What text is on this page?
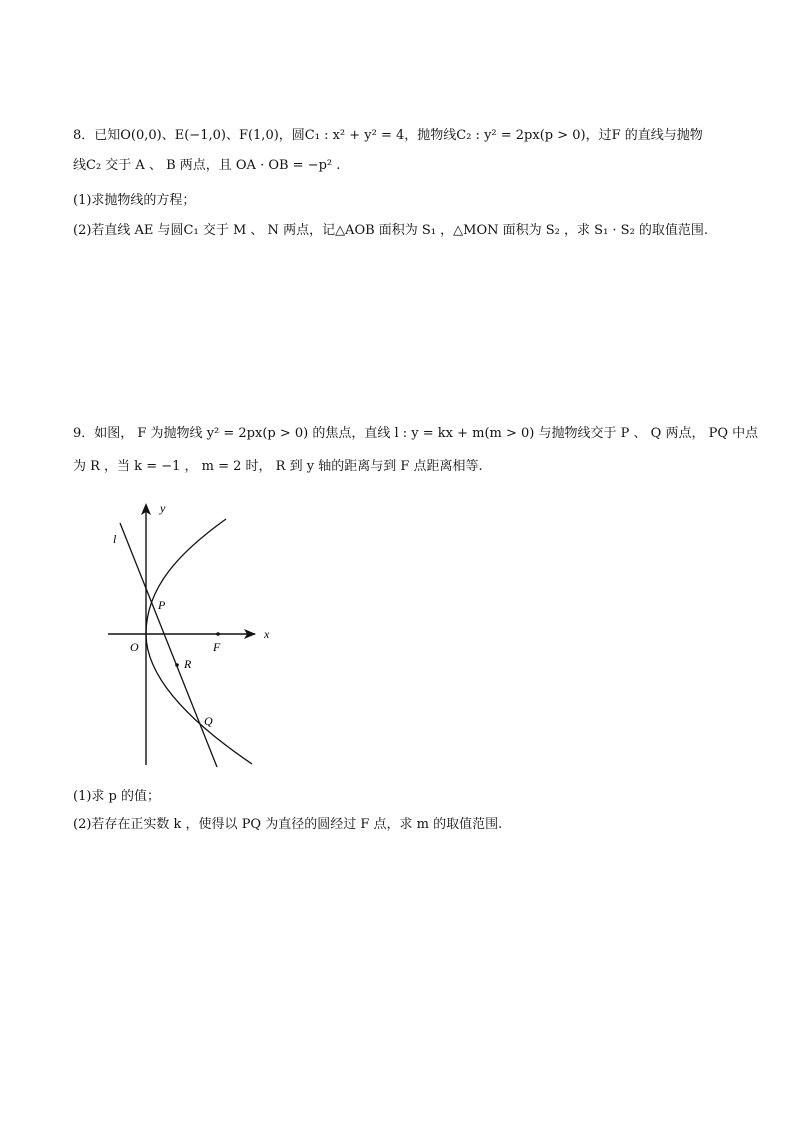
8．已知O(0,0)、E(−1,0)、F(1,0)，圆C₁ : x² + y² = 4，抛物线C₂ : y² = 2px(p > 0)，过F 的直线与抛物
线C₂ 交于 A 、 B 两点，且 OA · OB = −p² .
(1)求抛物线的方程；
(2)若直线 AE 与圆C₁ 交于 M 、 N 两点，记△AOB 面积为 S₁ ，△MON 面积为 S₂ ，求 S₁ · S₂ 的取值范围.
9．如图， F 为抛物线 y² = 2px(p > 0) 的焦点，直线 l : y = kx + m(m > 0) 与抛物线交于 P 、 Q 两点， PQ 中点
为 R ，当 k = −1 ， m = 2 时， R 到 y 轴的距离与到 F 点距离相等.
y
x
O
l
P
R
Q
F
(1)求 p 的值；
(2)若存在正实数 k ，使得以 PQ 为直径的圆经过 F 点，求 m 的取值范围.
